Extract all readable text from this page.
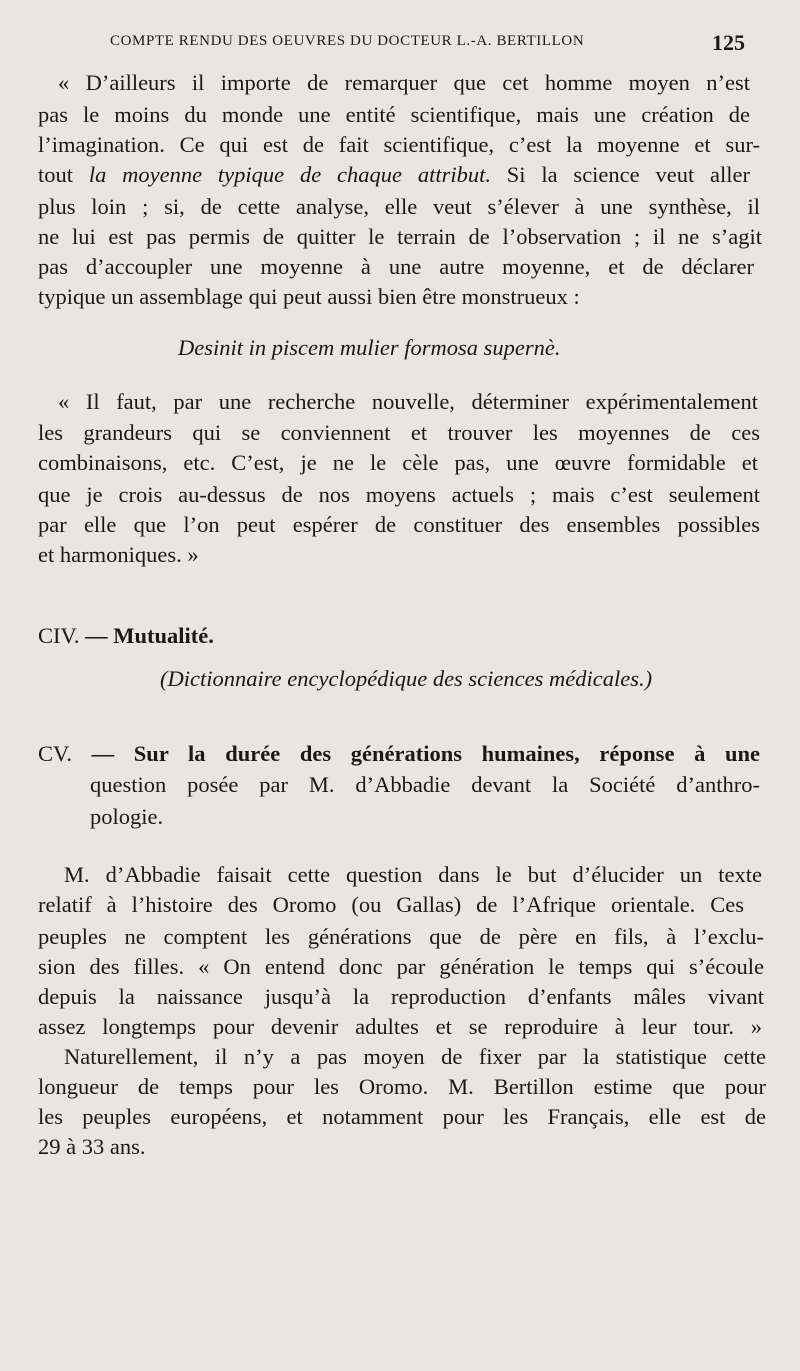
COMPTE RENDU DES OEUVRES DU DOCTEUR L.-A. BERTILLON	125
« D’ailleurs il importe de remarquer que cet homme moyen n’est
pas le moins du monde une entité scientifique, mais une création de
l’imagination. Ce qui est de fait scientifique, c’est la moyenne et sur-
tout la moyenne typique de chaque attribut. Si la science veut aller
plus loin ; si, de cette analyse, elle veut s’élever à une synthèse, il
ne lui est pas permis de quitter le terrain de l’observation ; il ne s’agit
pas d’accoupler une moyenne à une autre moyenne, et de déclarer
typique un assemblage qui peut aussi bien être monstrueux :
Desinit in piscem mulier formosa supernè.
« Il faut, par une recherche nouvelle, déterminer expérimentalement
les grandeurs qui se conviennent et trouver les moyennes de ces
combinaisons, etc. C’est, je ne le cèle pas, une œuvre formidable et
que je crois au-dessus de nos moyens actuels ; mais c’est seulement
par elle que l’on peut espérer de constituer des ensembles possibles
et harmoniques. »
CIV. — Mutualité.
(Dictionnaire encyclopédique des sciences médicales.)
CV. — Sur la durée des générations humaines, réponse à une
question posée par M. d’Abbadie devant la Société d’anthro-
pologie.
M. d’Abbadie faisait cette question dans le but d’élucider un texte
relatif à l’histoire des Oromo (ou Gallas) de l’Afrique orientale. Ces
peuples ne comptent les générations que de père en fils, à l’exclu-
sion des filles. « On entend donc par génération le temps qui s’écoule
depuis la naissance jusqu’à la reproduction d’enfants mâles vivant
assez longtemps pour devenir adultes et se reproduire à leur tour. »
Naturellement, il n’y a pas moyen de fixer par la statistique cette
longueur de temps pour les Oromo. M. Bertillon estime que pour
les peuples européens, et notamment pour les Français, elle est de
29 à 33 ans.
